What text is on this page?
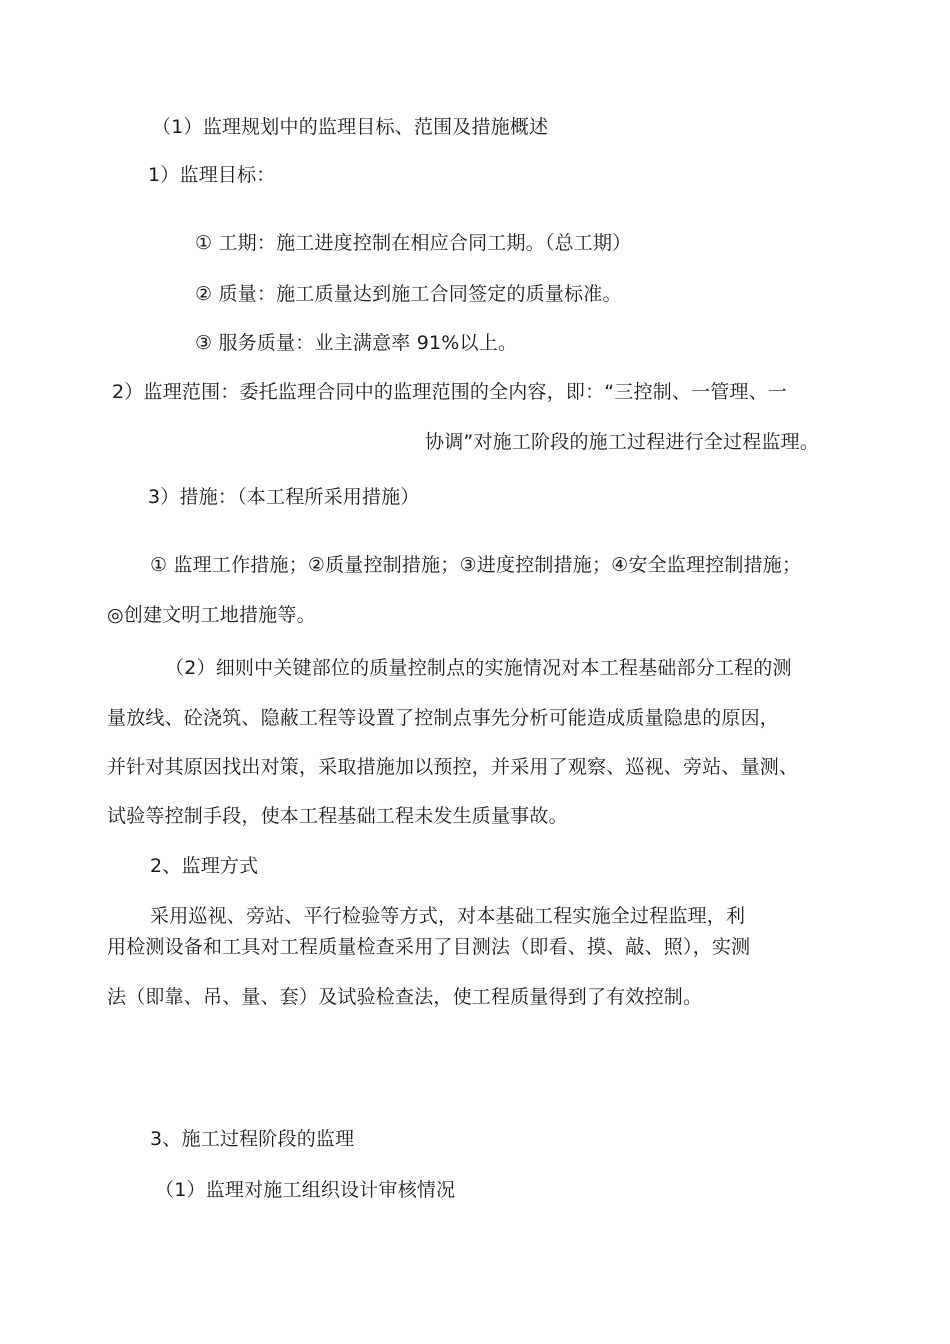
（1）监理规划中的监理目标、范围及措施概述
1）监理目标：
① 工期：施工进度控制在相应合同工期。（总工期）
② 质量：施工质量达到施工合同签定的质量标准。
③ 服务质量：业主满意率 91%以上。
2）监理范围：委托监理合同中的监理范围的全内容，即：“三控制、一管理、一
协调”对施工阶段的施工过程进行全过程监理。
3）措施：（本工程所采用措施）
① 监理工作措施；②质量控制措施；③进度控制措施；④安全监理控制措施；
◎创建文明工地措施等。
（2）细则中关键部位的质量控制点的实施情况对本工程基础部分工程的测
量放线、砼浇筑、隐蔽工程等设置了控制点事先分析可能造成质量隐患的原因，
并针对其原因找出对策，采取措施加以预控，并采用了观察、巡视、旁站、量测、
试验等控制手段，使本工程基础工程未发生质量事故。
2、监理方式
采用巡视、旁站、平行检验等方式，对本基础工程实施全过程监理，利
用检测设备和工具对工程质量检查采用了目测法（即看、摸、敲、照），实测
法（即靠、吊、量、套）及试验检查法，使工程质量得到了有效控制。
3、施工过程阶段的监理
（1）监理对施工组织设计审核情况
